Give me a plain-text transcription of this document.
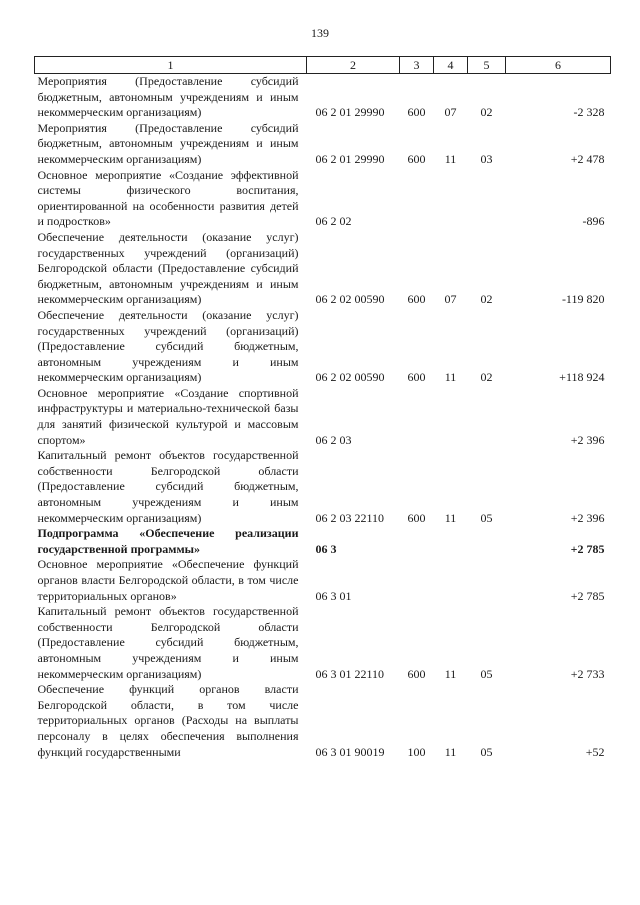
139
1	2	3	4	5	6
Мероприятия (Предоставление субсидий бюджетным, автономным учреждениям и иным некоммерческим организациям)	06 2 01 29990	600	07	02	-2 328
Мероприятия (Предоставление субсидий бюджетным, автономным учреждениям и иным некоммерческим организациям)	06 2 01 29990	600	11	03	+2 478
Основное мероприятие «Создание эффективной системы физического воспитания, ориентированной на особенности развития детей и подростков»	06 2 02				-896
Обеспечение деятельности (оказание услуг) государственных учреждений (организаций) Белгородской области (Предоставление субсидий бюджетным, автономным учреждениям и иным некоммерческим организациям)	06 2 02 00590	600	07	02	-119 820
Обеспечение деятельности (оказание услуг) государственных учреждений (организаций) (Предоставление субсидий бюджетным, автономным учреждениям и иным некоммерческим организациям)	06 2 02 00590	600	11	02	+118 924
Основное мероприятие «Создание спортивной инфраструктуры и материально-технической базы для занятий физической культурой и массовым спортом»	06 2 03				+2 396
Капитальный ремонт объектов государственной собственности Белгородской области (Предоставление субсидий бюджетным, автономным учреждениям и иным некоммерческим организациям)	06 2 03 22110	600	11	05	+2 396
Подпрограмма «Обеспечение реализации государственной программы»	06 3				+2 785
Основное мероприятие «Обеспечение функций органов власти Белгородской области, в том числе территориальных органов»	06 3 01				+2 785
Капитальный ремонт объектов государственной собственности Белгородской области (Предоставление субсидий бюджетным, автономным учреждениям и иным некоммерческим организациям)	06 3 01 22110	600	11	05	+2 733
Обеспечение функций органов власти Белгородской области, в том числе территориальных органов (Расходы на выплаты персоналу в целях обеспечения выполнения функций государственными	06 3 01 90019	100	11	05	+52
